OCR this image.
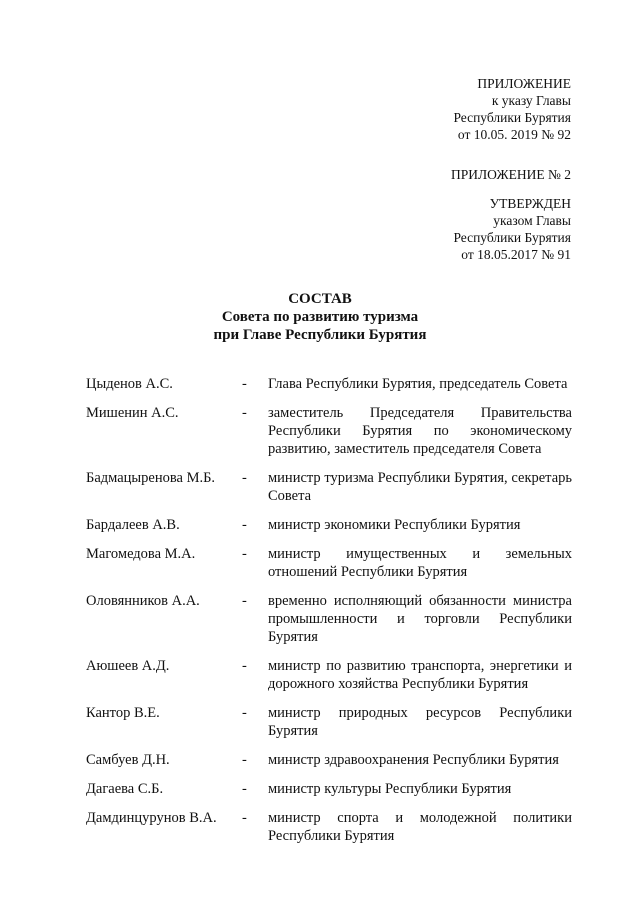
ПРИЛОЖЕНИЕ
к указу Главы
Республики Бурятия
от 10.05. 2019 № 92
ПРИЛОЖЕНИЕ № 2
УТВЕРЖДЕН
указом Главы
Республики Бурятия
от 18.05.2017 № 91
СОСТАВ
Совета по развитию туризма
при Главе Республики Бурятия
Цыденов А.С.	-	Глава Республики Бурятия, председатель Совета
Мишенин А.С.	-	заместитель Председателя Правительства Республики Бурятия по экономическому развитию, заместитель председателя Совета
Бадмацыренова М.Б.	-	министр туризма Республики Бурятия, секретарь Совета
Бардалеев А.В.	-	министр экономики Республики Бурятия
Магомедова М.А.	-	министр имущественных и земельных отношений Республики Бурятия
Оловянников А.А.	-	временно исполняющий обязанности министра промышленности и торговли Республики Бурятия
Аюшеев А.Д.	-	министр по развитию транспорта, энергетики и дорожного хозяйства Республики Бурятия
Кантор В.Е.	-	министр природных ресурсов Республики Бурятия
Самбуев Д.Н.	-	министр здравоохранения Республики Бурятия
Дагаева С.Б.	-	министр культуры Республики Бурятия
Дамдинцурунов В.А.	-	министр спорта и молодежной политики Республики Бурятия
